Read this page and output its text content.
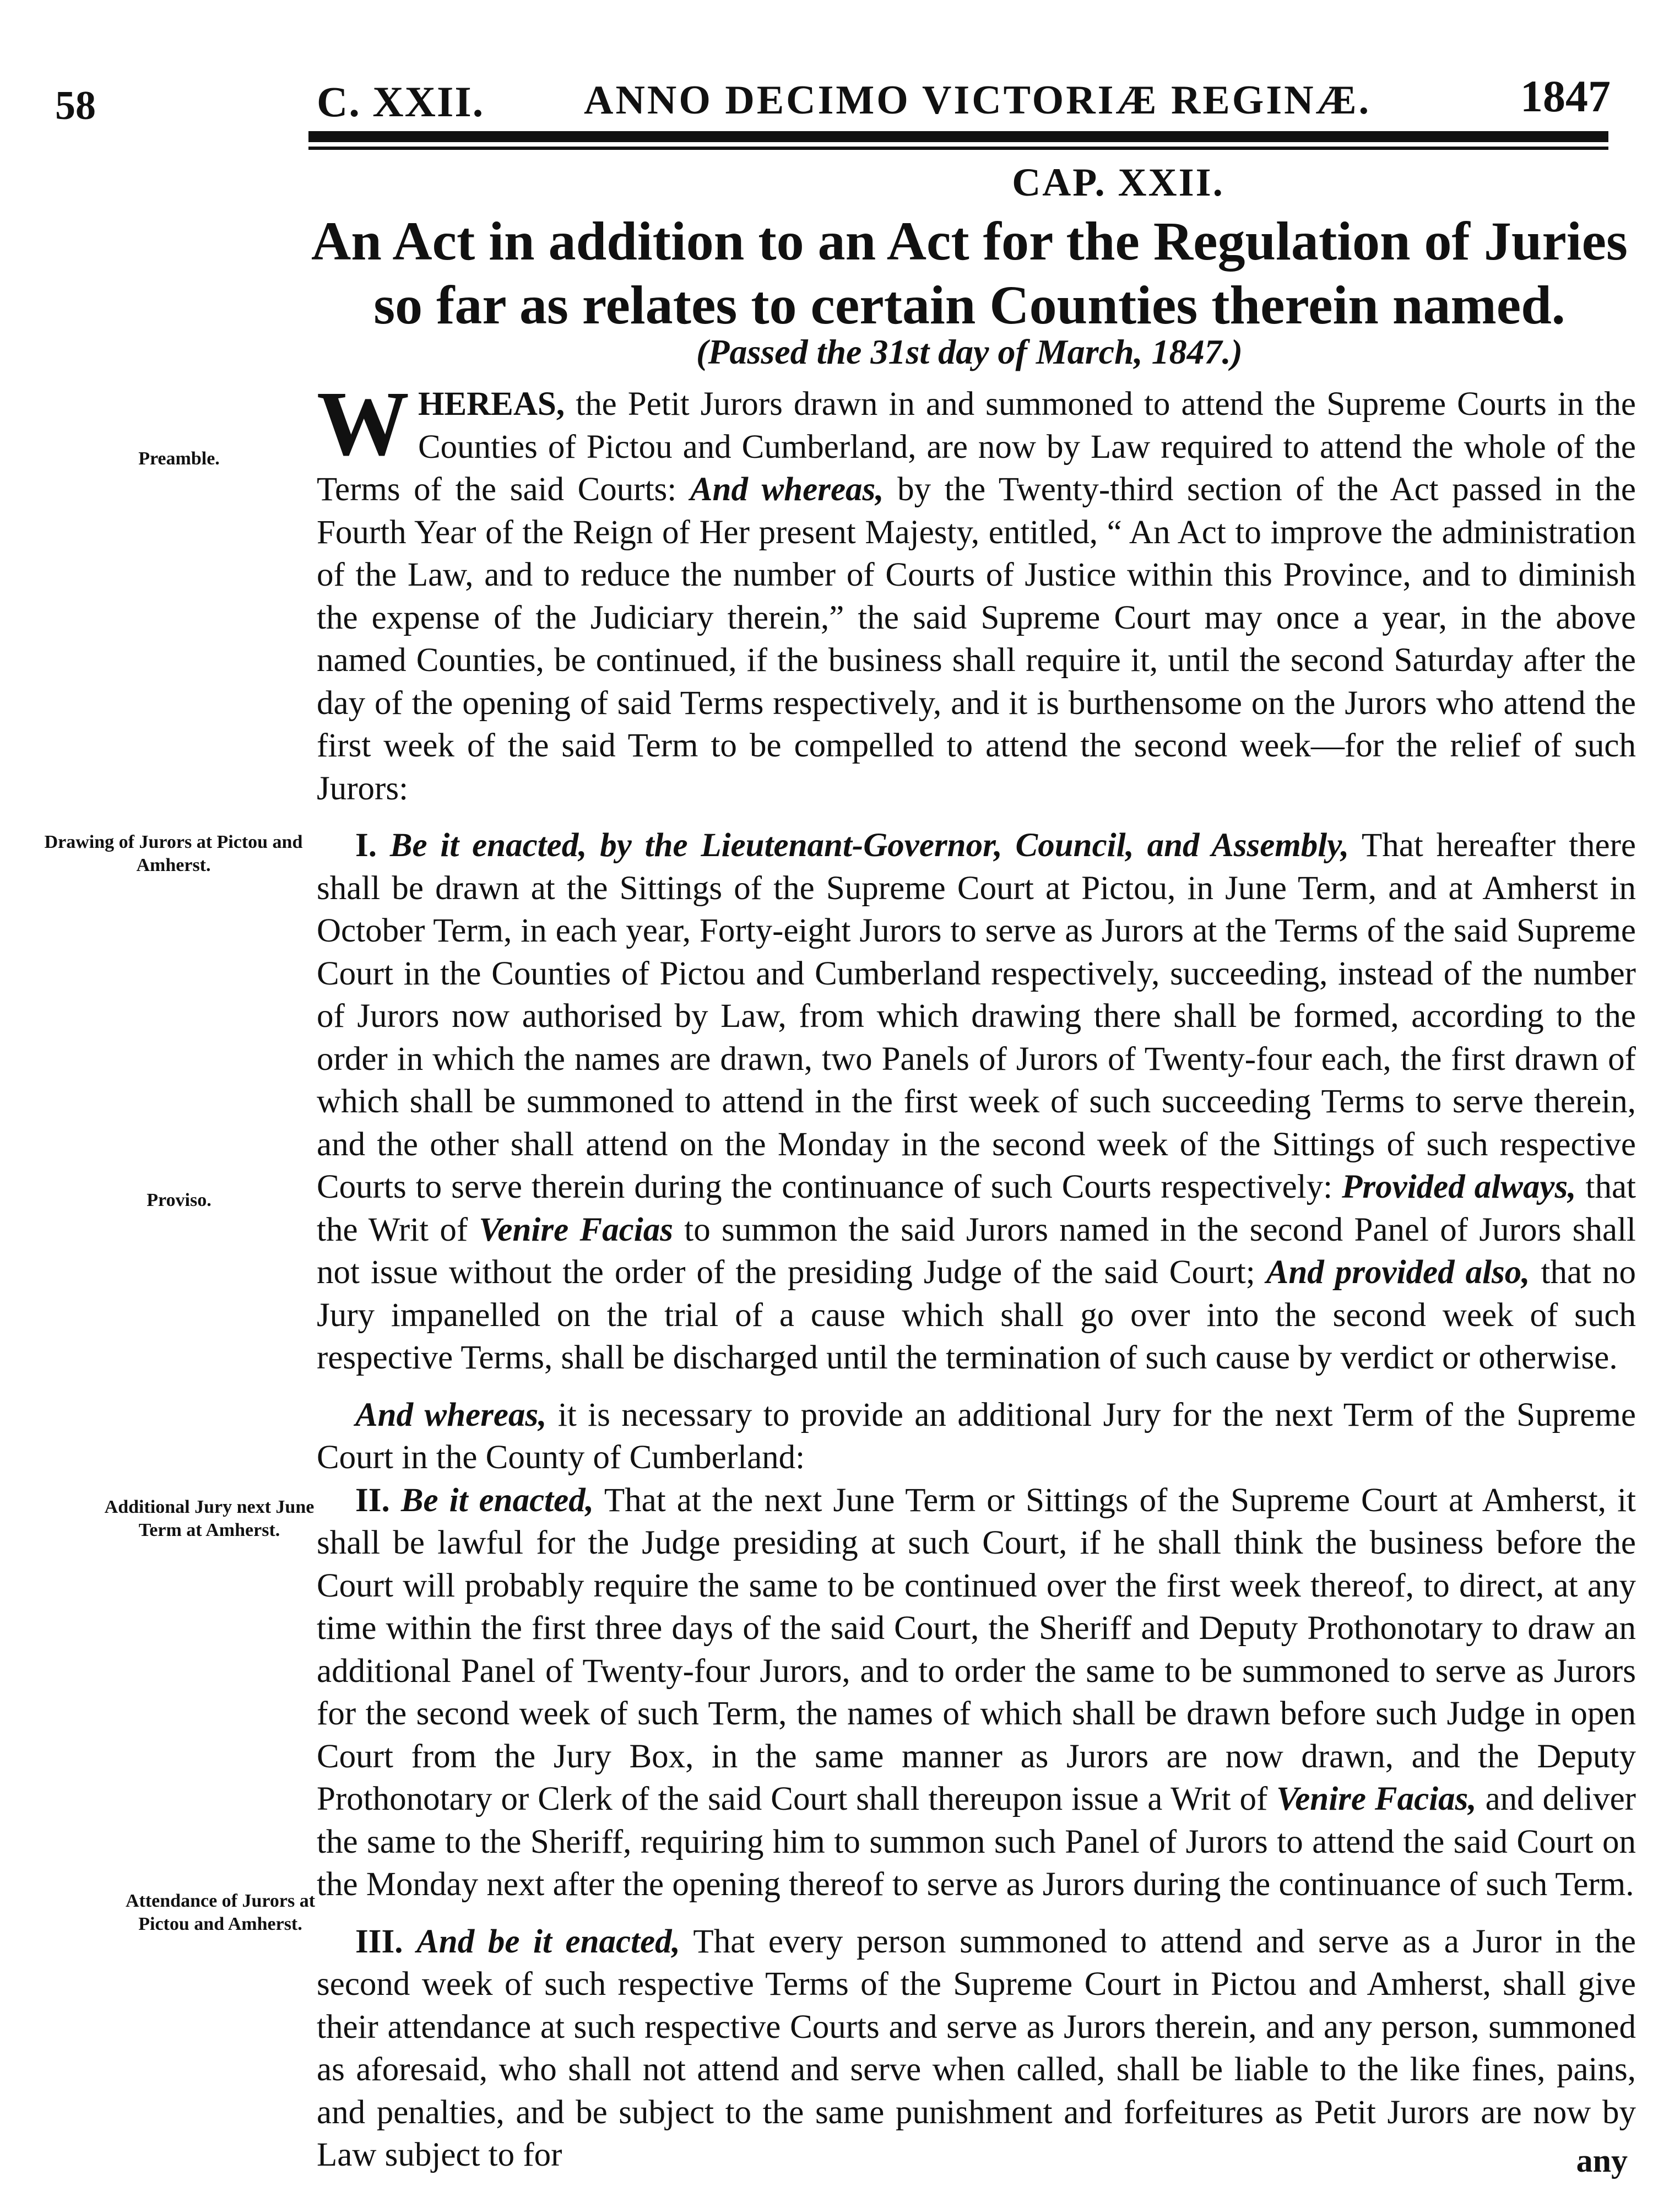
58	C. XXII. ANNO DECIMO VICTORIÆ REGINÆ.	1847
CAP. XXII.
An Act in addition to an Act for the Regulation of Juries so far as relates to certain Counties therein named.
(Passed the 31st day of March, 1847.)
Preamble.
Drawing of Jurors at Pictou and Amherst.
Proviso.
Additional Jury next June Term at Amherst.
Attendance of Jurors at Pictou and Amherst.

WHEREAS, the Petit Jurors drawn in and summoned to attend the Supreme Courts in the Counties of Pictou and Cumberland, are now by Law required to attend the whole of the Terms of the said Courts: And whereas, by the Twenty-third section of the Act passed in the Fourth Year of the Reign of Her present Majesty, entitled, “ An Act to improve the administration of the Law, and to reduce the number of Courts of Justice within this Province, and to diminish the expense of the Judiciary therein,” the said Supreme Court may once a year, in the above named Counties, be continued, if the business shall require it, until the second Saturday after the day of the opening of said Terms respectively, and it is burthensome on the Jurors who attend the first week of the said Term to be compelled to attend the second week—for the relief of such Jurors:

I. Be it enacted, by the Lieutenant-Governor, Council, and Assembly, That hereafter there shall be drawn at the Sittings of the Supreme Court at Pictou, in June Term, and at Amherst in October Term, in each year, Forty-eight Jurors to serve as Jurors at the Terms of the said Supreme Court in the Counties of Pictou and Cumberland respectively, succeeding, instead of the number of Jurors now authorised by Law, from which drawing there shall be formed, according to the order in which the names are drawn, two Panels of Jurors of Twenty-four each, the first drawn of which shall be summoned to attend in the first week of such succeeding Terms to serve therein, and the other shall attend on the Monday in the second week of the Sittings of such respective Courts to serve therein during the continuance of such Courts respectively: Provided always, that the Writ of Venire Facias to summon the said Jurors named in the second Panel of Jurors shall not issue without the order of the presiding Judge of the said Court; And provided also, that no Jury impanelled on the trial of a cause which shall go over into the second week of such respective Terms, shall be discharged until the termination of such cause by verdict or otherwise.

And whereas, it is necessary to provide an additional Jury for the next Term of the Supreme Court in the County of Cumberland:

II. Be it enacted, That at the next June Term or Sittings of the Supreme Court at Amherst, it shall be lawful for the Judge presiding at such Court, if he shall think the business before the Court will probably require the same to be continued over the first week thereof, to direct, at any time within the first three days of the said Court, the Sheriff and Deputy Prothonotary to draw an additional Panel of Twenty-four Jurors, and to order the same to be summoned to serve as Jurors for the second week of such Term, the names of which shall be drawn before such Judge in open Court from the Jury Box, in the same manner as Jurors are now drawn, and the Deputy Prothonotary or Clerk of the said Court shall thereupon issue a Writ of Venire Facias, and deliver the same to the Sheriff, requiring him to summon such Panel of Jurors to attend the said Court on the Monday next after the opening thereof to serve as Jurors during the continuance of such Term.

III. And be it enacted, That every person summoned to attend and serve as a Juror in the second week of such respective Terms of the Supreme Court in Pictou and Amherst, shall give their attendance at such respective Courts and serve as Jurors therein, and any person, summoned as aforesaid, who shall not attend and serve when called, shall be liable to the like fines, pains, and penalties, and be subject to the same punishment and forfeitures as Petit Jurors are now by Law subject to for	any
